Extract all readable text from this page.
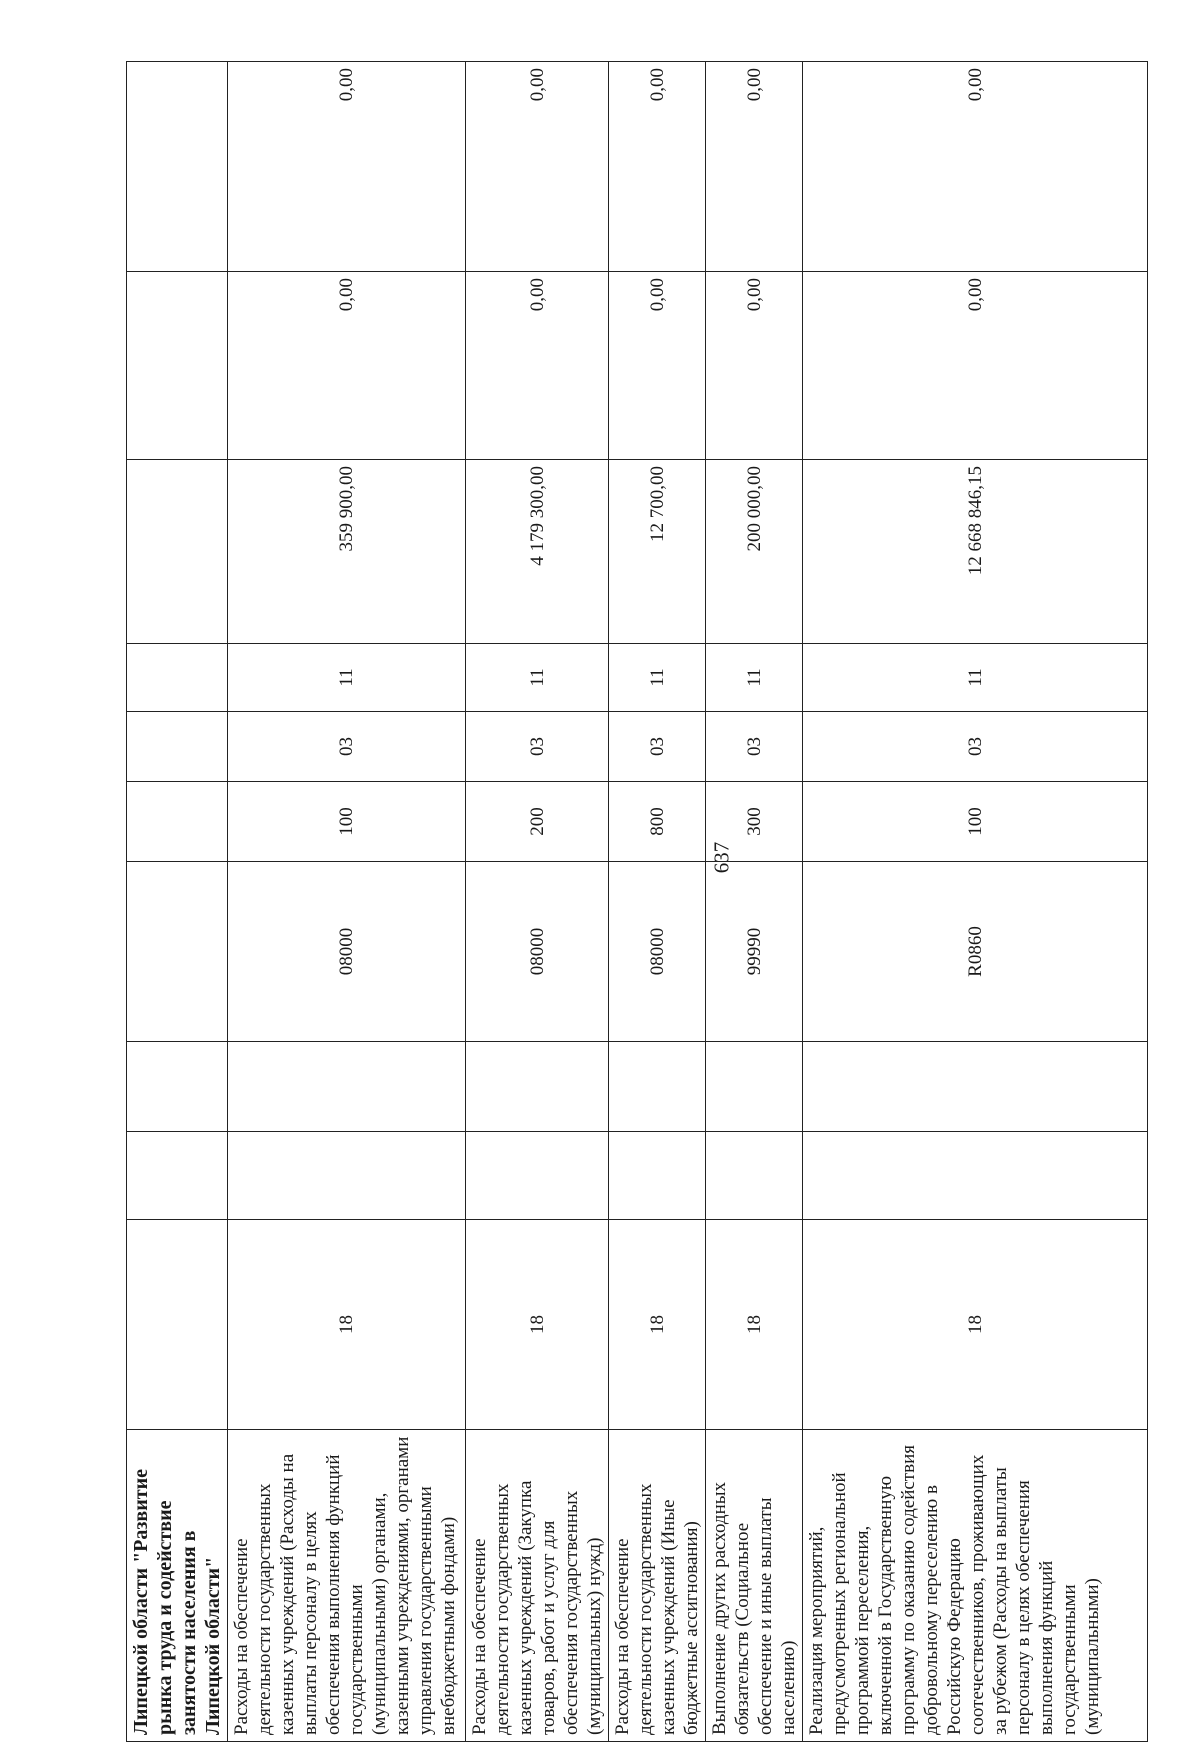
637
Липецкой области "Развитие рынка труда и содействие занятости населения в Липецкой области"										
Расходы на обеспечение деятельности государственных казенных учреждений (Расходы на выплаты персоналу в целях обеспечения выполнения функций государственными (муниципальными) органами, казенными учреждениями, органами управления государственными внебюджетными фондами)	18			08000	100	03	11	359 900,00	0,00	0,00
Расходы на обеспечение деятельности государственных казенных учреждений (Закупка товаров, работ и услуг для обеспечения государственных (муниципальных) нужд)	18			08000	200	03	11	4 179 300,00	0,00	0,00
Расходы на обеспечение деятельности государственных казенных учреждений (Иные бюджетные ассигнования)	18			08000	800	03	11	12 700,00	0,00	0,00
Выполнение других расходных обязательств (Социальное обеспечение и иные выплаты населению)	18			99990	300	03	11	200 000,00	0,00	0,00
Реализация мероприятий, предусмотренных региональной программой переселения, включенной в Государственную программу по оказанию содействия добровольному переселению в Российскую Федерацию соотечественников, проживающих за рубежом (Расходы на выплаты персоналу в целях обеспечения выполнения функций государственными (муниципальными)	18			R0860	100	03	11	12 668 846,15	0,00	0,00
